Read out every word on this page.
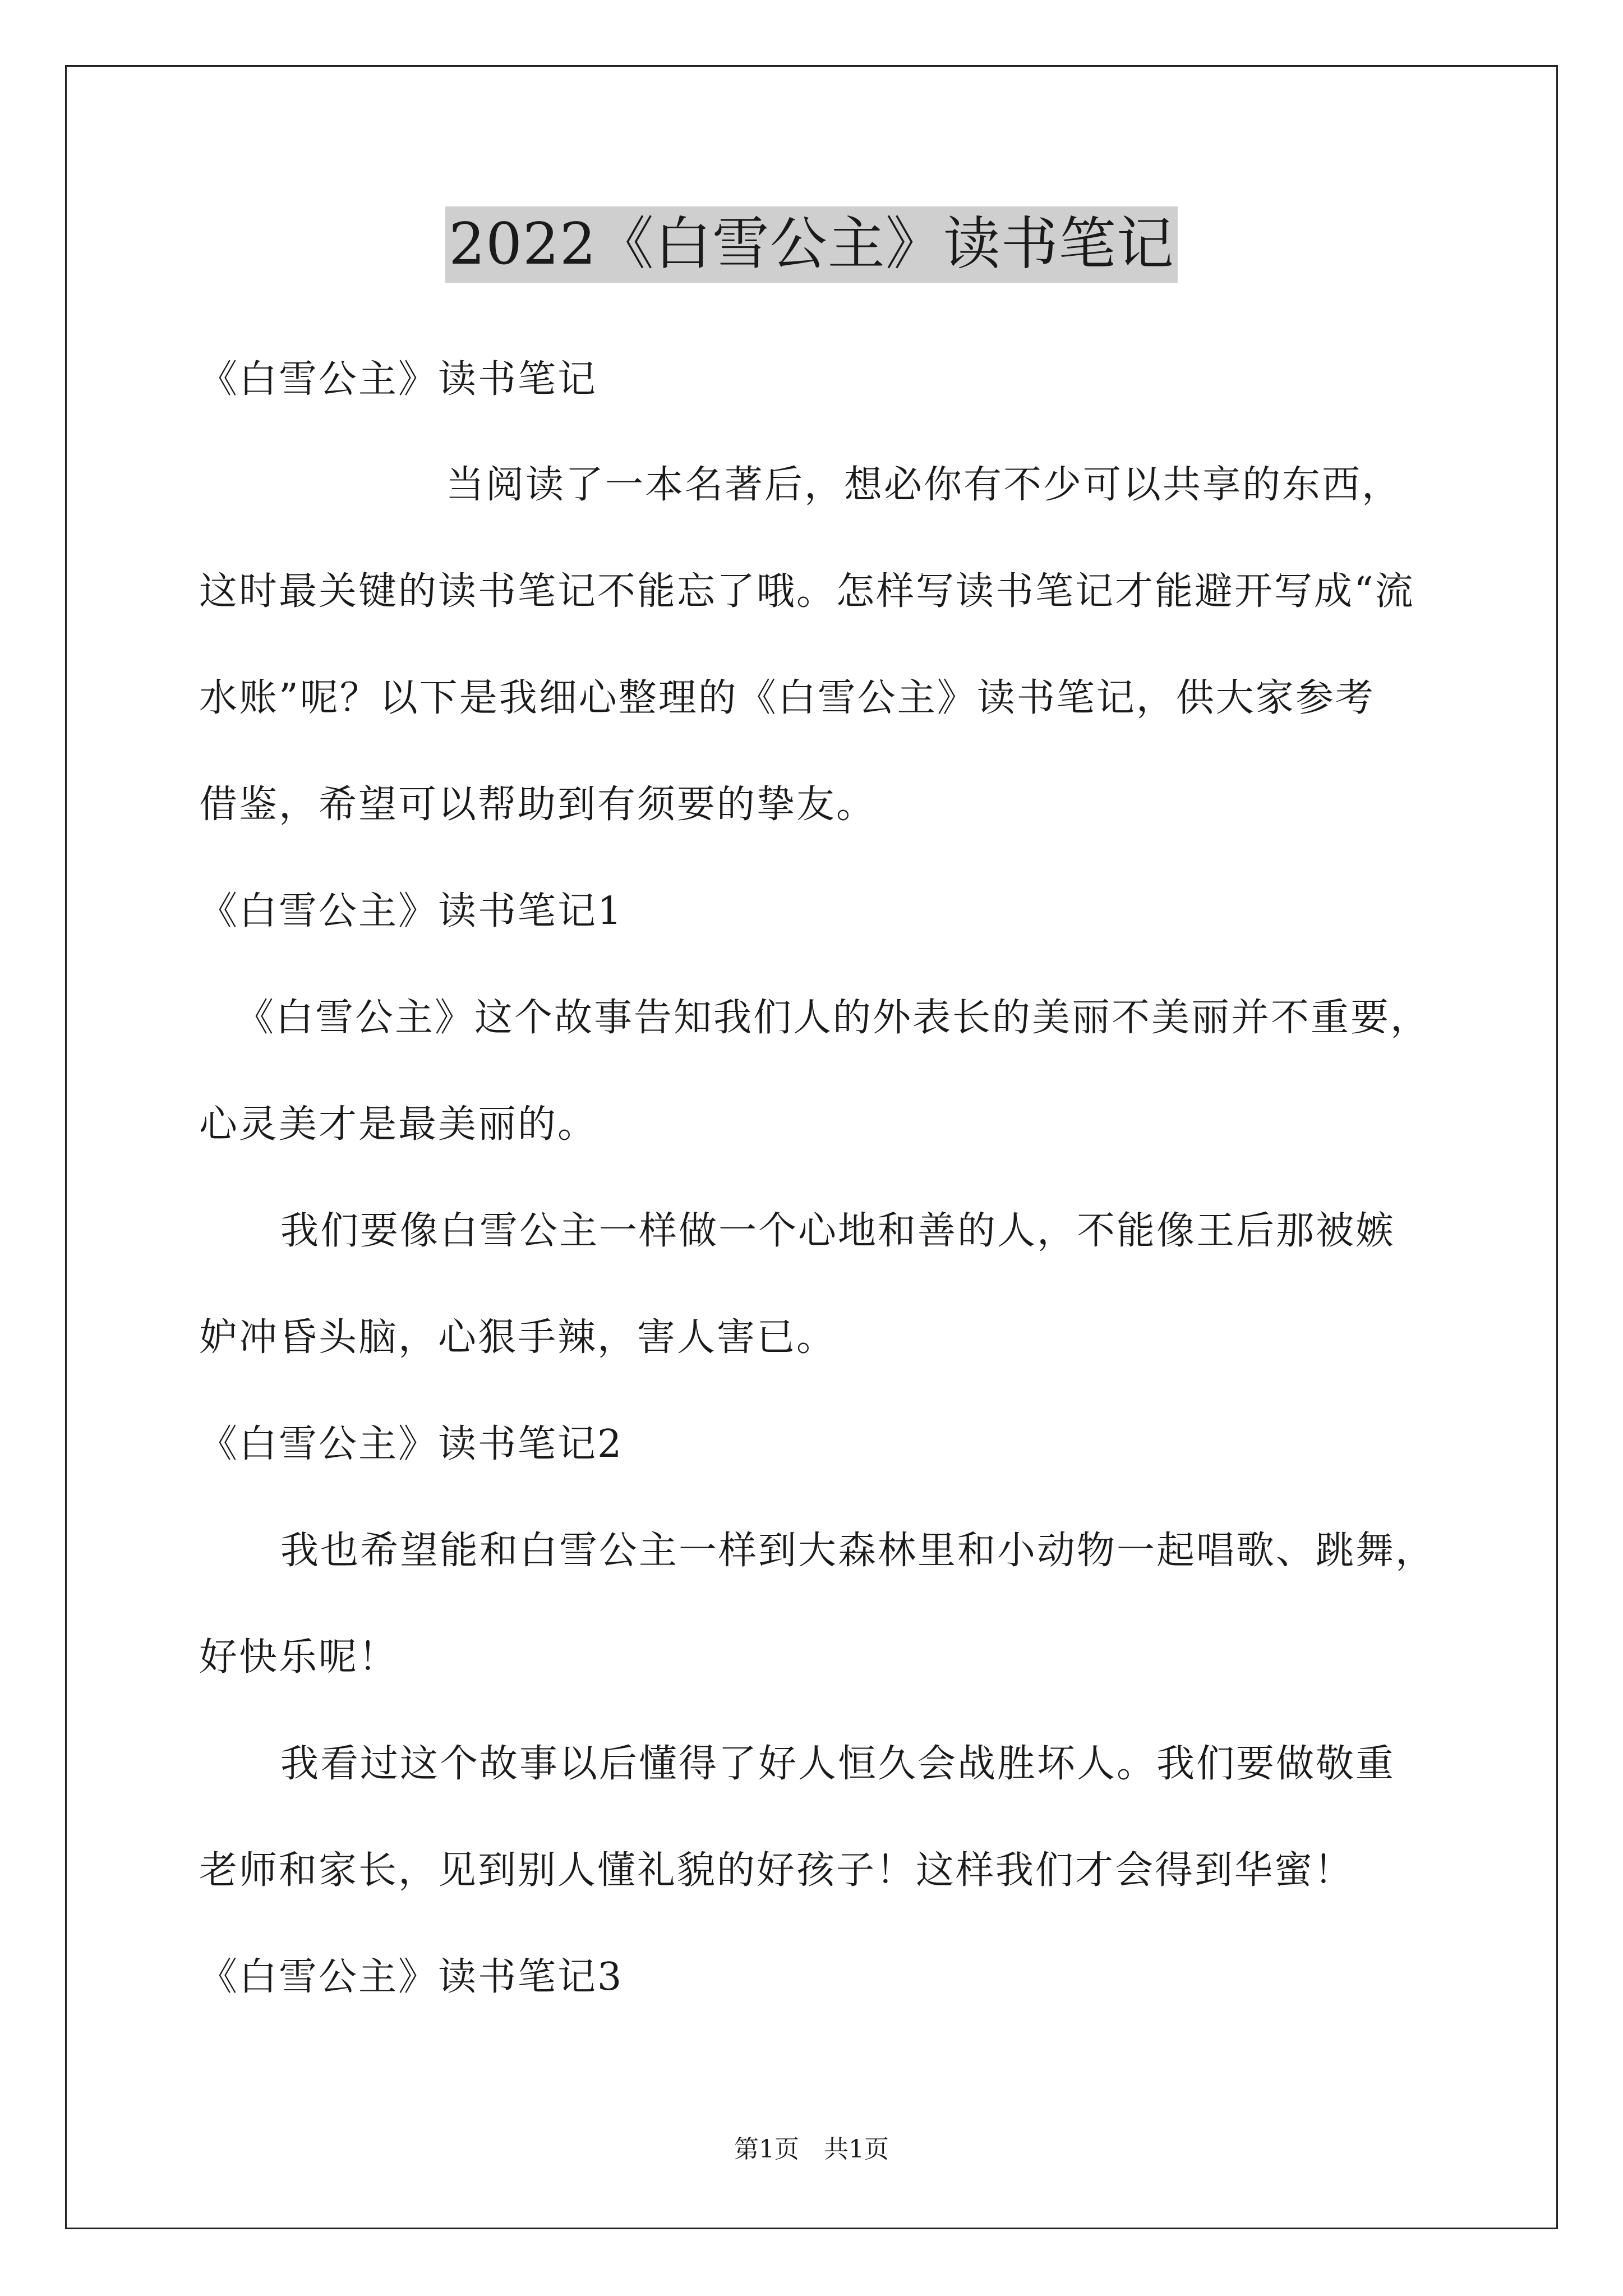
2022《白雪公主》读书笔记
《白雪公主》读书笔记
当阅读了一本名著后，想必你有不少可以共享的东西，
这时最关键的读书笔记不能忘了哦。怎样写读书笔记才能避开写成“流
水账”呢？以下是我细心整理的《白雪公主》读书笔记，供大家参考
借鉴，希望可以帮助到有须要的挚友。
《白雪公主》读书笔记1
《白雪公主》这个故事告知我们人的外表长的美丽不美丽并不重要，
心灵美才是最美丽的。
我们要像白雪公主一样做一个心地和善的人，不能像王后那被嫉
妒冲昏头脑，心狠手辣，害人害已。
《白雪公主》读书笔记2
我也希望能和白雪公主一样到大森林里和小动物一起唱歌、跳舞，
好快乐呢！
我看过这个故事以后懂得了好人恒久会战胜坏人。我们要做敬重
老师和家长，见到别人懂礼貌的好孩子！这样我们才会得到华蜜！
《白雪公主》读书笔记3
第1页　共1页
